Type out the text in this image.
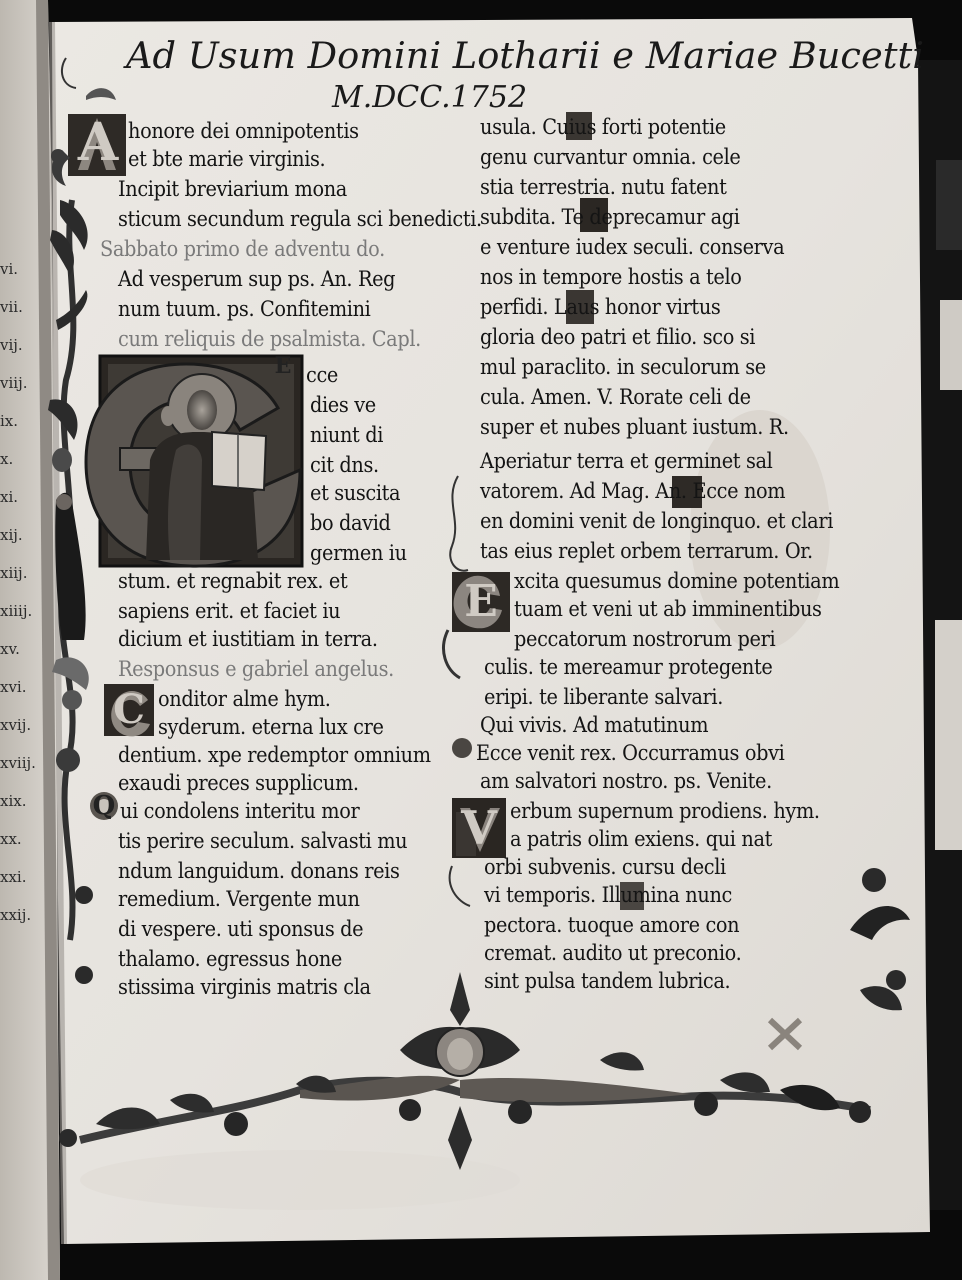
Ad Usum Domini Lotharii e Mariae Bucetti
M.DCC.1752
A
C
Q
E
V
E
honore dei omnipotentis
et bte marie virginis.
Incipit breviarium mona
sticum secundum regula sci benedicti.
Sabbato primo de adventu do.
Ad vesperum sup ps. An. Reg
num tuum. ps. Confitemini
cum reliquis de psalmista. Capl.
cce
dies ve
niunt di
cit dns.
et suscita
bo david
germen iu
stum. et regnabit rex. et
sapiens erit. et faciet iu
dicium et iustitiam in terra.
Responsus e gabriel angelus.
onditor alme hym.
syderum. eterna lux cre
dentium. xpe redemptor omnium
exaudi preces supplicum.
ui condolens interitu mor
tis perire seculum. salvasti mu
ndum languidum. donans reis
remedium. Vergente mun
di vespere. uti sponsus de
thalamo. egressus hone
stissima virginis matris cla
usula. Cuius forti potentie
genu curvantur omnia. cele
stia terrestria. nutu fatent
subdita. Te deprecamur agi
e venture iudex seculi. conserva
nos in tempore hostis a telo
perfidi. Laus honor virtus
gloria deo patri et filio. sco si
mul paraclito. in seculorum se
cula. Amen. V. Rorate celi de
super et nubes pluant iustum. R.
Aperiatur terra et germinet sal
vatorem. Ad Mag. An. Ecce nom
en domini venit de longinquo. et clari
tas eius replet orbem terrarum. Or.
xcita quesumus domine potentiam
tuam et veni ut ab imminentibus
peccatorum nostrorum peri
culis. te mereamur protegente
eripi. te liberante salvari.
Qui vivis. Ad matutinum
Ecce venit rex. Occurramus obvi
am salvatori nostro. ps. Venite.
erbum supernum prodiens. hym.
a patris olim exiens. qui nat
orbi subvenis. cursu decli
vi temporis. Illumina nunc
pectora. tuoque amore con
cremat. audito ut preconio.
sint pulsa tandem lubrica.
vi.
vii.
vij.
viij.
ix.
x.
xi.
xij.
xiij.
xiiij.
xv.
xvi.
xvij.
xviij.
xix.
xx.
xxi.
xxij.
